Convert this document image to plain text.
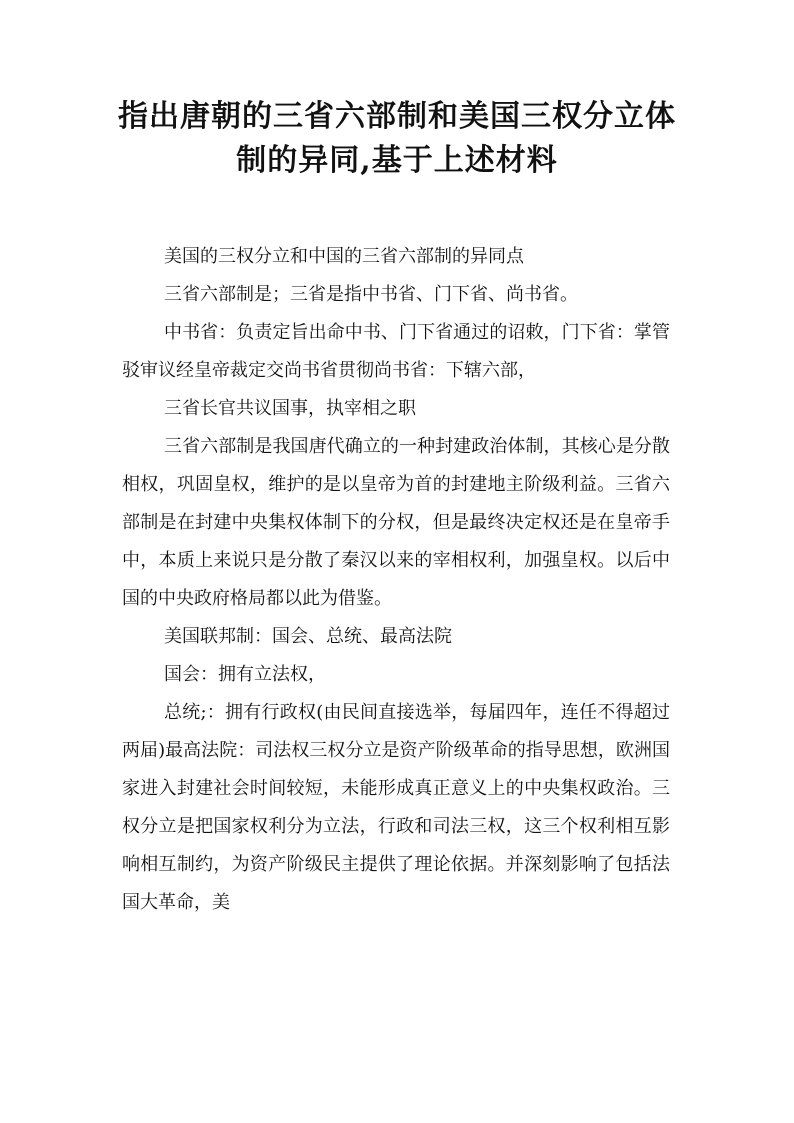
指出唐朝的三省六部制和美国三权分立体制的异同,基于上述材料

美国的三权分立和中国的三省六部制的异同点

三省六部制是；三省是指中书省、门下省、尚书省。

中书省：负责定旨出命中书、门下省通过的诏敕，门下省：掌管驳审议经皇帝裁定交尚书省贯彻尚书省：下辖六部，

三省长官共议国事，执宰相之职

三省六部制是我国唐代确立的一种封建政治体制，其核心是分散相权，巩固皇权，维护的是以皇帝为首的封建地主阶级利益。三省六部制是在封建中央集权体制下的分权，但是最终决定权还是在皇帝手中，本质上来说只是分散了秦汉以来的宰相权利，加强皇权。以后中国的中央政府格局都以此为借鉴。

美国联邦制：国会、总统、最高法院

国会：拥有立法权，

总统;：拥有行政权(由民间直接选举，每届四年，连任不得超过两届)最高法院：司法权三权分立是资产阶级革命的指导思想，欧洲国家进入封建社会时间较短，未能形成真正意义上的中央集权政治。三权分立是把国家权利分为立法，行政和司法三权，这三个权利相互影响相互制约，为资产阶级民主提供了理论依据。并深刻影响了包括法国大革命，美
